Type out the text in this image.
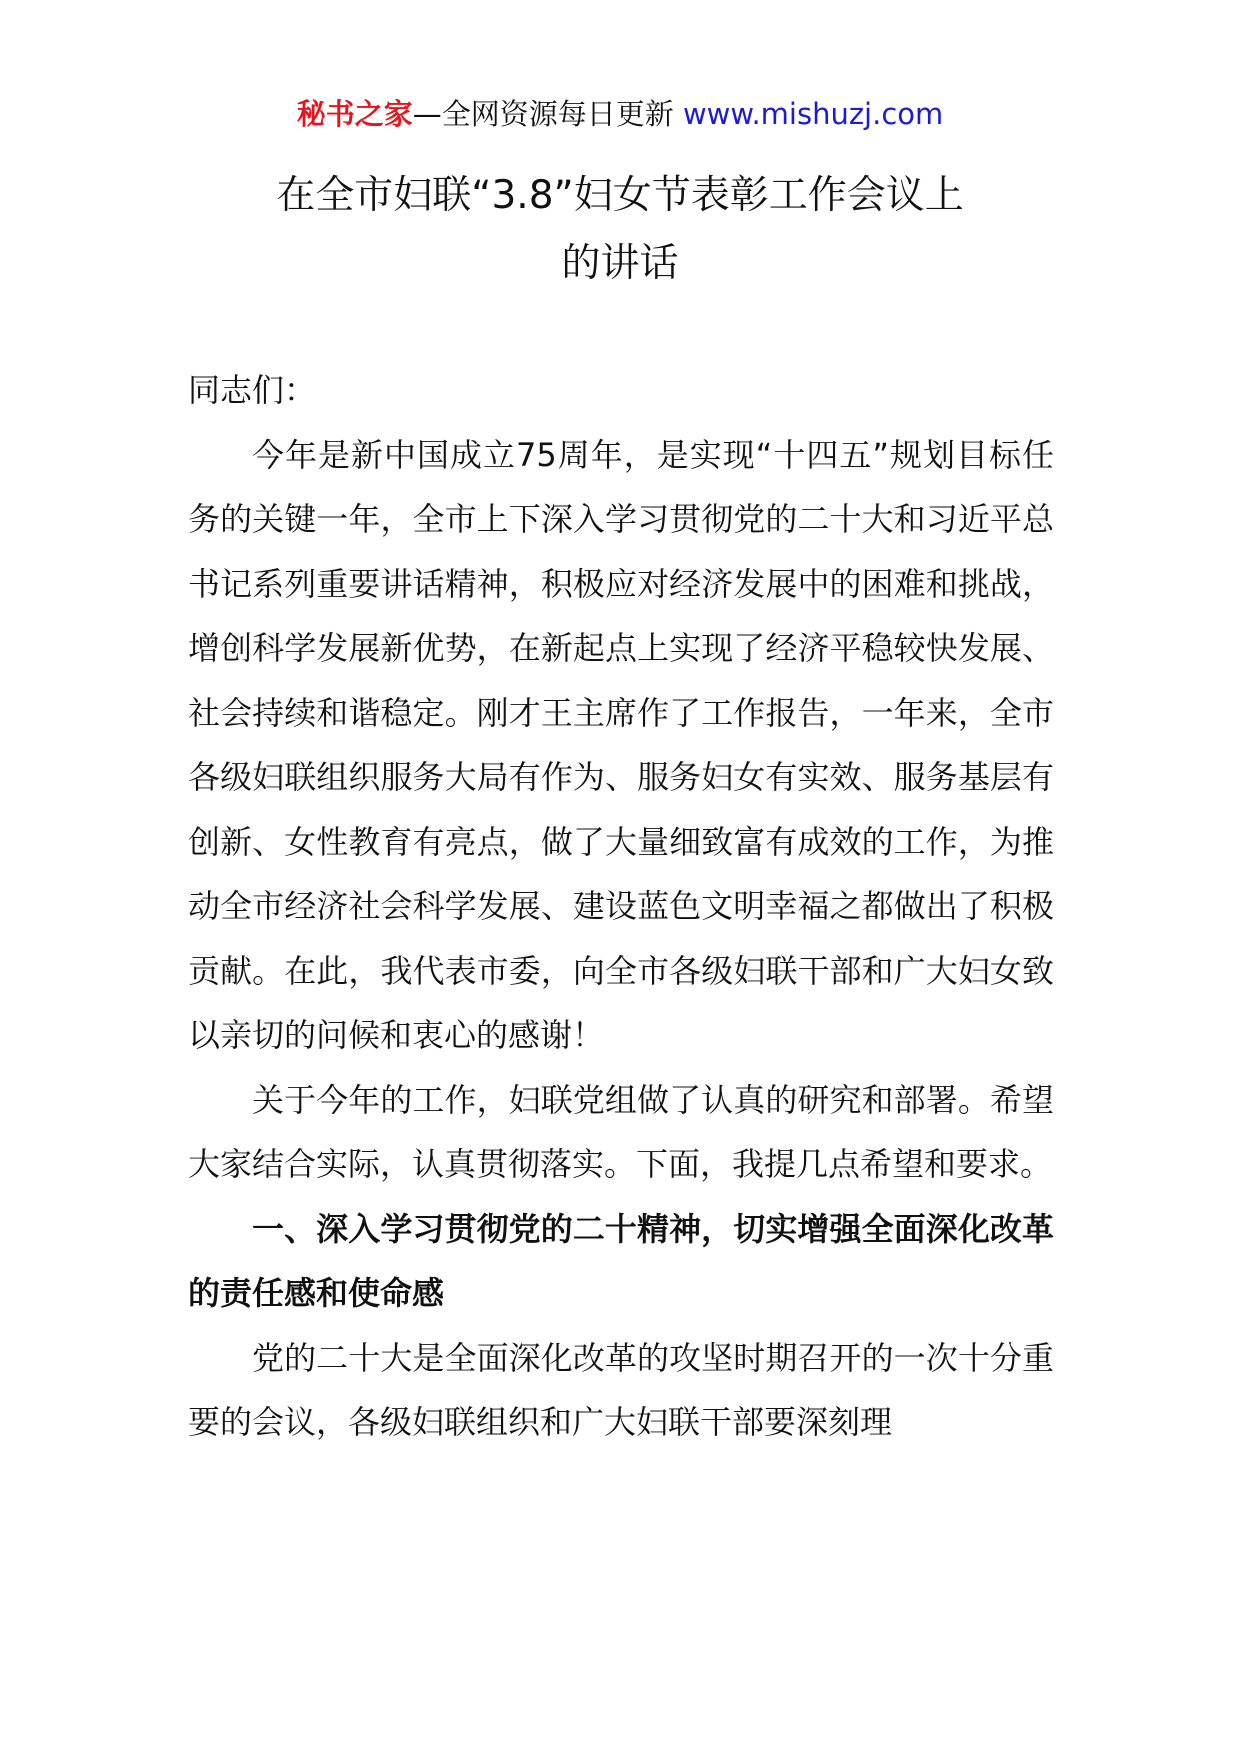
秘书之家—全网资源每日更新 www.mishuzj.com
在全市妇联“3.8”妇女节表彰工作会议上
的讲话

同志们：

今年是新中国成立75周年，是实现“十四五”规划目标任务的关键一年，全市上下深入学习贯彻党的二十大和习近平总书记系列重要讲话精神，积极应对经济发展中的困难和挑战，增创科学发展新优势，在新起点上实现了经济平稳较快发展、社会持续和谐稳定。刚才王主席作了工作报告，一年来，全市各级妇联组织服务大局有作为、服务妇女有实效、服务基层有创新、女性教育有亮点，做了大量细致富有成效的工作，为推动全市经济社会科学发展、建设蓝色文明幸福之都做出了积极贡献。在此，我代表市委，向全市各级妇联干部和广大妇女致以亲切的问候和衷心的感谢！

关于今年的工作，妇联党组做了认真的研究和部署。希望大家结合实际，认真贯彻落实。下面，我提几点希望和要求。

一、深入学习贯彻党的二十精神，切实增强全面深化改革的责任感和使命感

党的二十大是全面深化改革的攻坚时期召开的一次十分重要的会议，各级妇联组织和广大妇联干部要深刻理
